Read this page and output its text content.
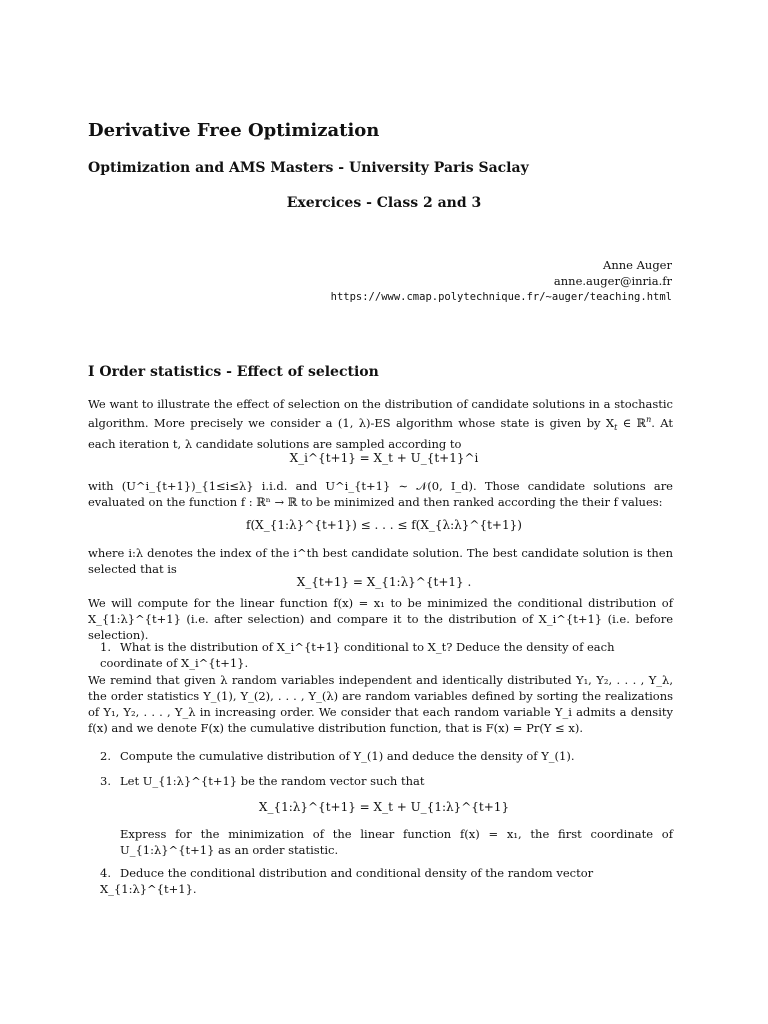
Derivative Free Optimization
Optimization and AMS Masters - University Paris Saclay
Exercices - Class 2 and 3
Anne Auger
anne.auger@inria.fr
https://www.cmap.polytechnique.fr/~auger/teaching.html
I Order statistics - Effect of selection
We want to illustrate the effect of selection on the distribution of candidate solutions in a stochastic algorithm. More precisely we consider a (1, λ)-ES algorithm whose state is given by $X_t$ ∈ ℝ$^n$. At each iteration t, λ candidate solutions are sampled according to
X_i^{t+1} = X_t + U_{t+1}^i
with (U^i_{t+1})_{1≤i≤λ} i.i.d. and U^i_{t+1} ∼ 𝒩(0, I_d). Those candidate solutions are evaluated on the function f : ℝⁿ → ℝ to be minimized and then ranked according the their f values:
f(X_{1:λ}^{t+1}) ≤ . . . ≤ f(X_{λ:λ}^{t+1})
where i:λ denotes the index of the i^th best candidate solution. The best candidate solution is then selected that is
X_{t+1} = X_{1:λ}^{t+1} .
We will compute for the linear function f(x) = x₁ to be minimized the conditional distribution of X_{1:λ}^{t+1} (i.e. after selection) and compare it to the distribution of X_i^{t+1} (i.e. before selection).
1. What is the distribution of X_i^{t+1} conditional to X_t? Deduce the density of each coordinate of X_i^{t+1}.
We remind that given λ random variables independent and identically distributed Y₁, Y₂, . . . , Y_λ, the order statistics Y_(1), Y_(2), . . . , Y_(λ) are random variables defined by sorting the realizations of Y₁, Y₂, . . . , Y_λ in increasing order. We consider that each random variable Y_i admits a density f(x) and we denote F(x) the cumulative distribution function, that is F(x) = Pr(Y ≤ x).
2. Compute the cumulative distribution of Y_(1) and deduce the density of Y_(1).
3. Let U_{1:λ}^{t+1} be the random vector such that
X_{1:λ}^{t+1} = X_t + U_{1:λ}^{t+1}
Express for the minimization of the linear function f(x) = x₁, the first coordinate of U_{1:λ}^{t+1} as an order statistic.
4. Deduce the conditional distribution and conditional density of the random vector X_{1:λ}^{t+1}.
